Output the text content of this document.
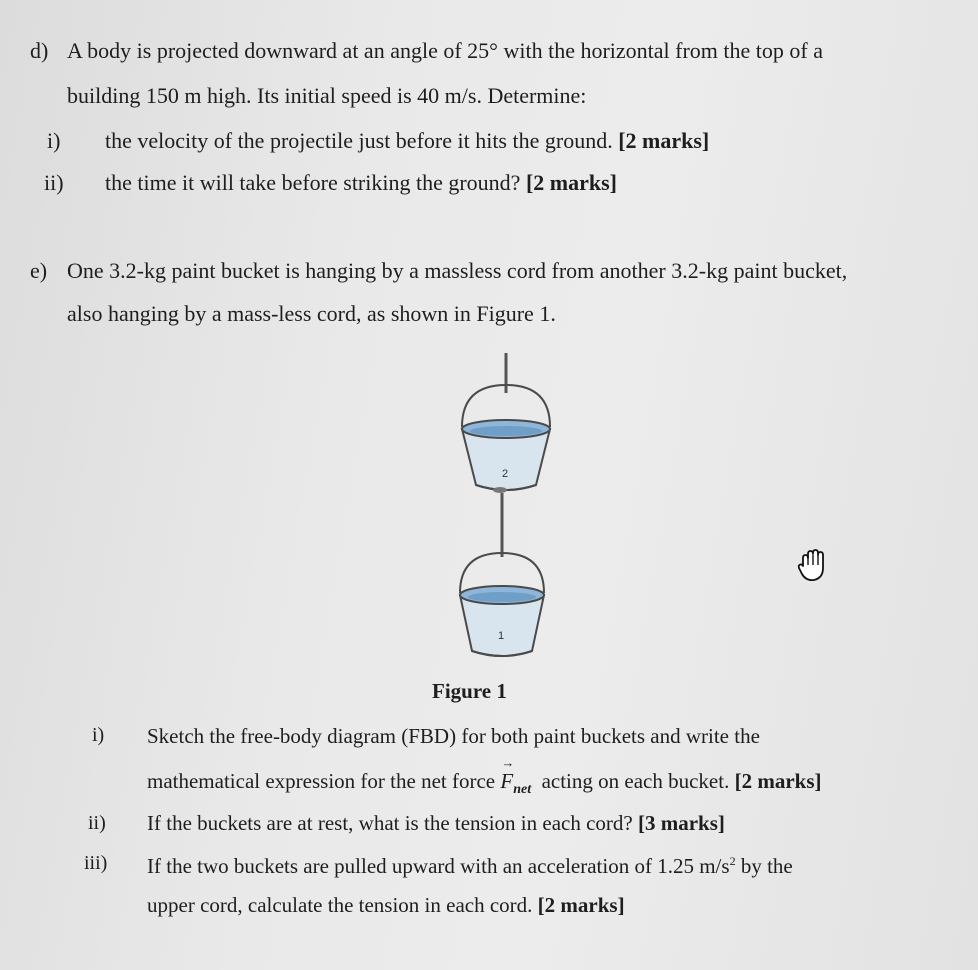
d) A body is projected downward at an angle of 25° with the horizontal from the top of a
building 150 m high. Its initial speed is 40 m/s. Determine:
i) the velocity of the projectile just before it hits the ground. [2 marks]
ii) the time it will take before striking the ground? [2 marks]
e) One 3.2-kg paint bucket is hanging by a massless cord from another 3.2-kg paint bucket,
also hanging by a mass-less cord, as shown in Figure 1.
2
1
Figure 1
i) Sketch the free-body diagram (FBD) for both paint buckets and write the
mathematical expression for the net force → $F_{net}$ acting on each bucket. [2 marks]
ii) If the buckets are at rest, what is the tension in each cord? [3 marks]
iii) If the two buckets are pulled upward with an acceleration of 1.25 $m/s^2$ by the
upper cord, calculate the tension in each cord. [2 marks]
